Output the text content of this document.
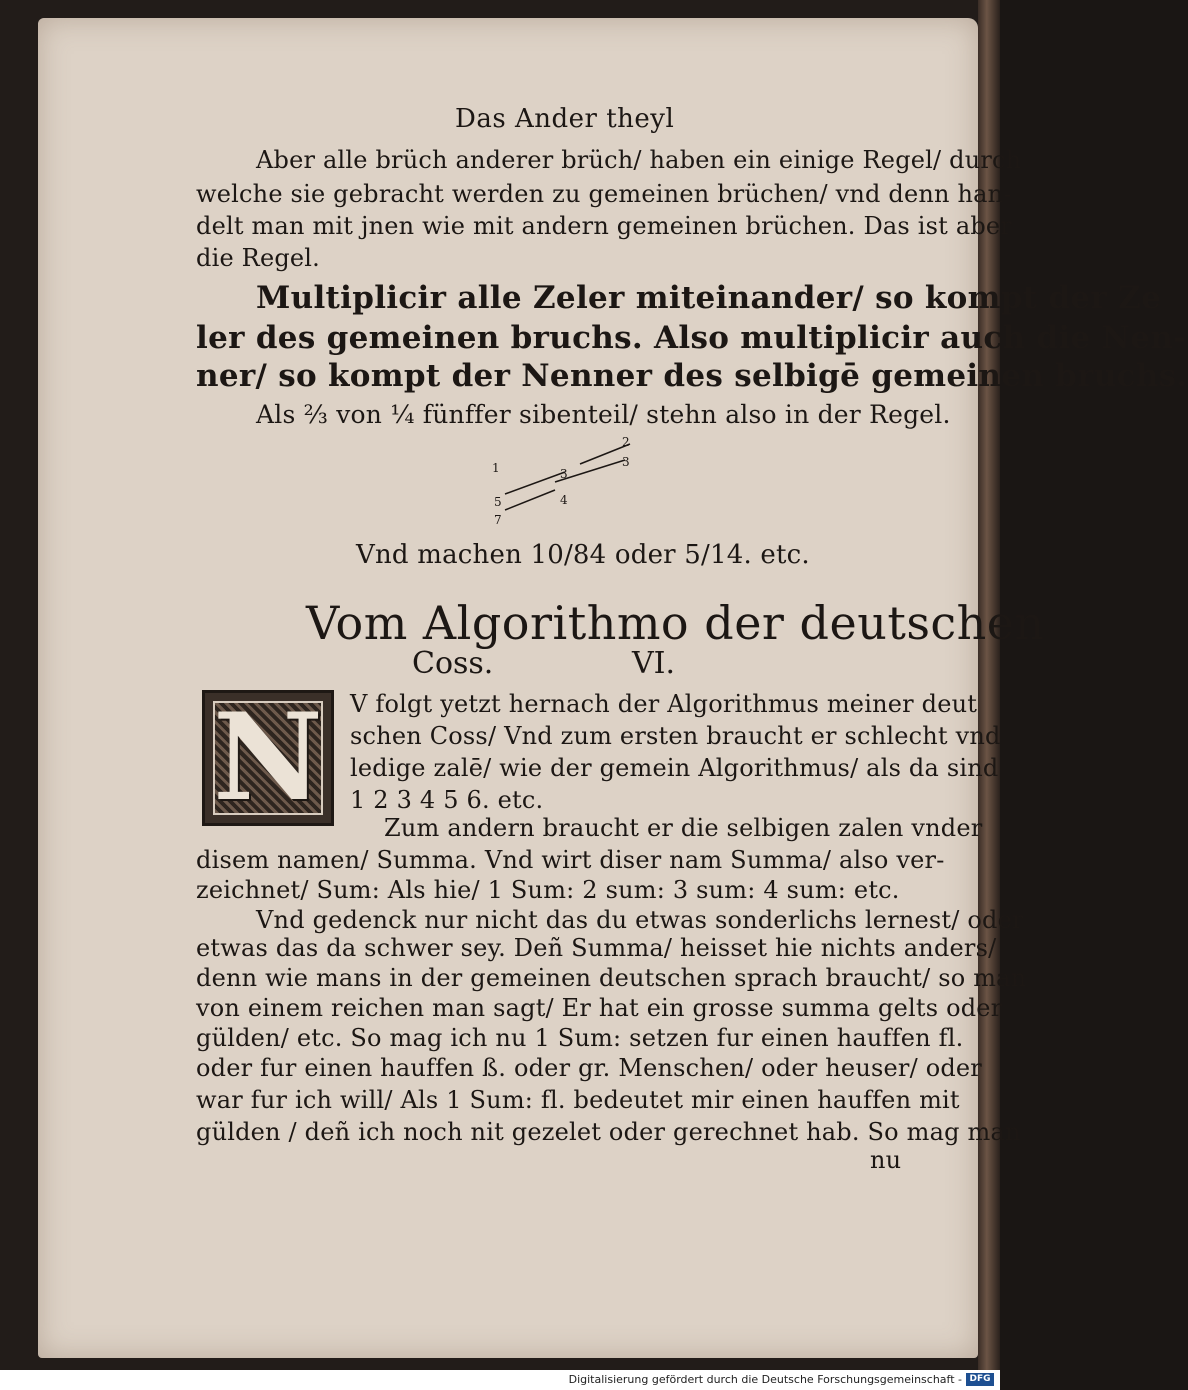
Das Ander theyl
Aber alle brüch anderer brüch/ haben ein einige Regel/ durch
welche sie gebracht werden zu gemeinen brüchen/ vnd denn han-
delt man mit jnen wie mit andern gemeinen brüchen. Das ist aber
die Regel.
Multiplicir alle Zeler miteinander/ so kompt der Ze
ler des gemeinen bruchs. Also multiplicir auch die Nen-
ner/ so kompt der Nenner des selbigē gemeinen bruchs.
Als ⅔ von ¼ fünffer sibenteil/ stehn also in der Regel.
2
3
3
4
1
5
7
Vnd machen 10/84 oder 5/14. etc.
Vom Algorithmo der deutschen
Coss.	VI.
N	V folgt yetzt hernach der Algorithmus meiner deut
schen Coss/ Vnd zum ersten braucht er schlecht vnd
ledige zalē/ wie der gemein Algorithmus/ als da sind
1 2 3 4 5 6. etc.
Zum andern braucht er die selbigen zalen vnder
disem namen/ Summa. Vnd wirt diser nam Summa/ also ver-
zeichnet/ Sum: Als hie/ 1 Sum: 2 sum: 3 sum: 4 sum: etc.
Vnd gedenck nur nicht das du etwas sonderlichs lernest/ oder
etwas das da schwer sey. Deñ Summa/ heisset hie nichts anders/
denn wie mans in der gemeinen deutschen sprach braucht/ so man
von einem reichen man sagt/ Er hat ein grosse summa gelts oder
gülden/ etc. So mag ich nu 1 Sum: setzen fur einen hauffen fl.
oder fur einen hauffen ß. oder gr. Menschen/ oder heuser/ oder
war fur ich will/ Als 1 Sum: fl. bedeutet mir einen hauffen mit
gülden / deñ ich noch nit gezelet oder gerechnet hab. So mag man
nu
Digitalisierung gefördert durch die Deutsche Forschungsgemeinschaft - DFG
